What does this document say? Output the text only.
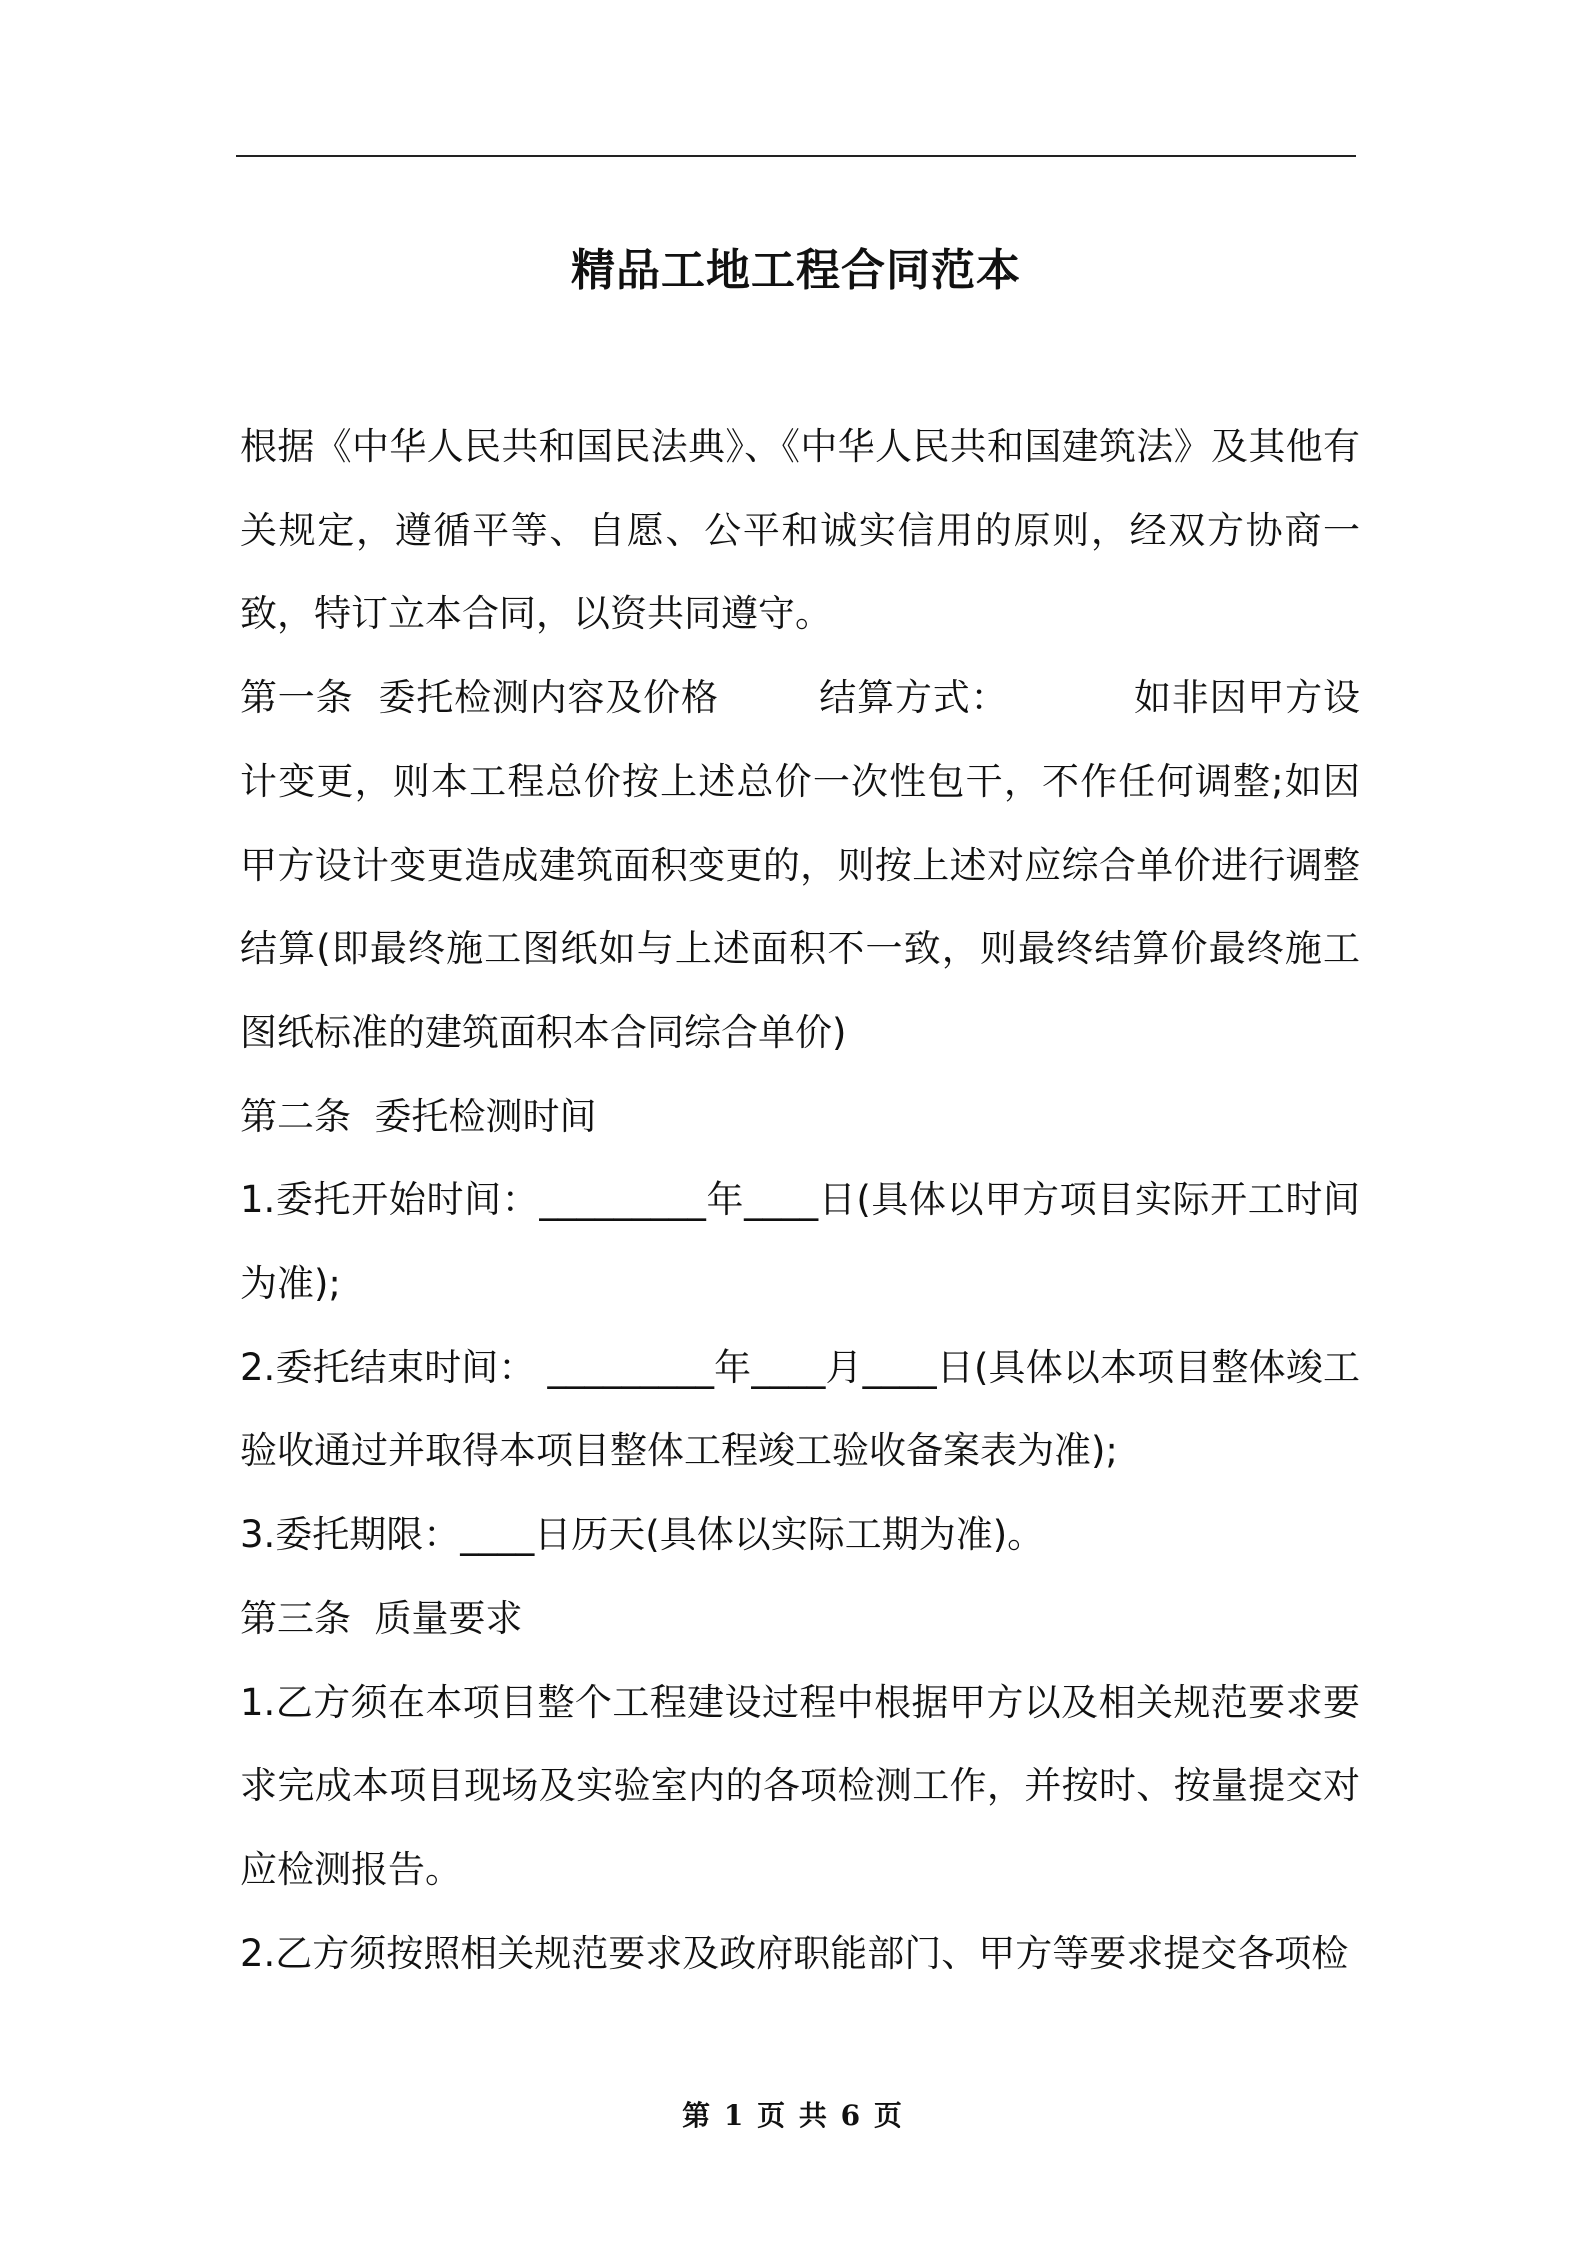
精品工地工程合同范本

根据《中华人民共和国民法典》、《中华人民共和国建筑法》及其他有关规定，遵循平等、自愿、公平和诚实信用的原则，经双方协商一致，特订立本合同，以资共同遵守。

第一条  委托检测内容及价格        结算方式：          如非因甲方设计变更，则本工程总价按上述总价一次性包干，不作任何调整;如因甲方设计变更造成建筑面积变更的，则按上述对应综合单价进行调整结算(即最终施工图纸如与上述面积不一致，则最终结算价最终施工图纸标准的建筑面积本合同综合单价)

第二条  委托检测时间

1.委托开始时间：_________年____日(具体以甲方项目实际开工时间为准);

2.委托结束时间： _________年____月____日(具体以本项目整体竣工验收通过并取得本项目整体工程竣工验收备案表为准);

3.委托期限：____日历天(具体以实际工期为准)。

第三条  质量要求

1.乙方须在本项目整个工程建设过程中根据甲方以及相关规范要求要求完成本项目现场及实验室内的各项检测工作，并按时、按量提交对应检测报告。

2.乙方须按照相关规范要求及政府职能部门、甲方等要求提交各项检

第 1 页 共 6 页
